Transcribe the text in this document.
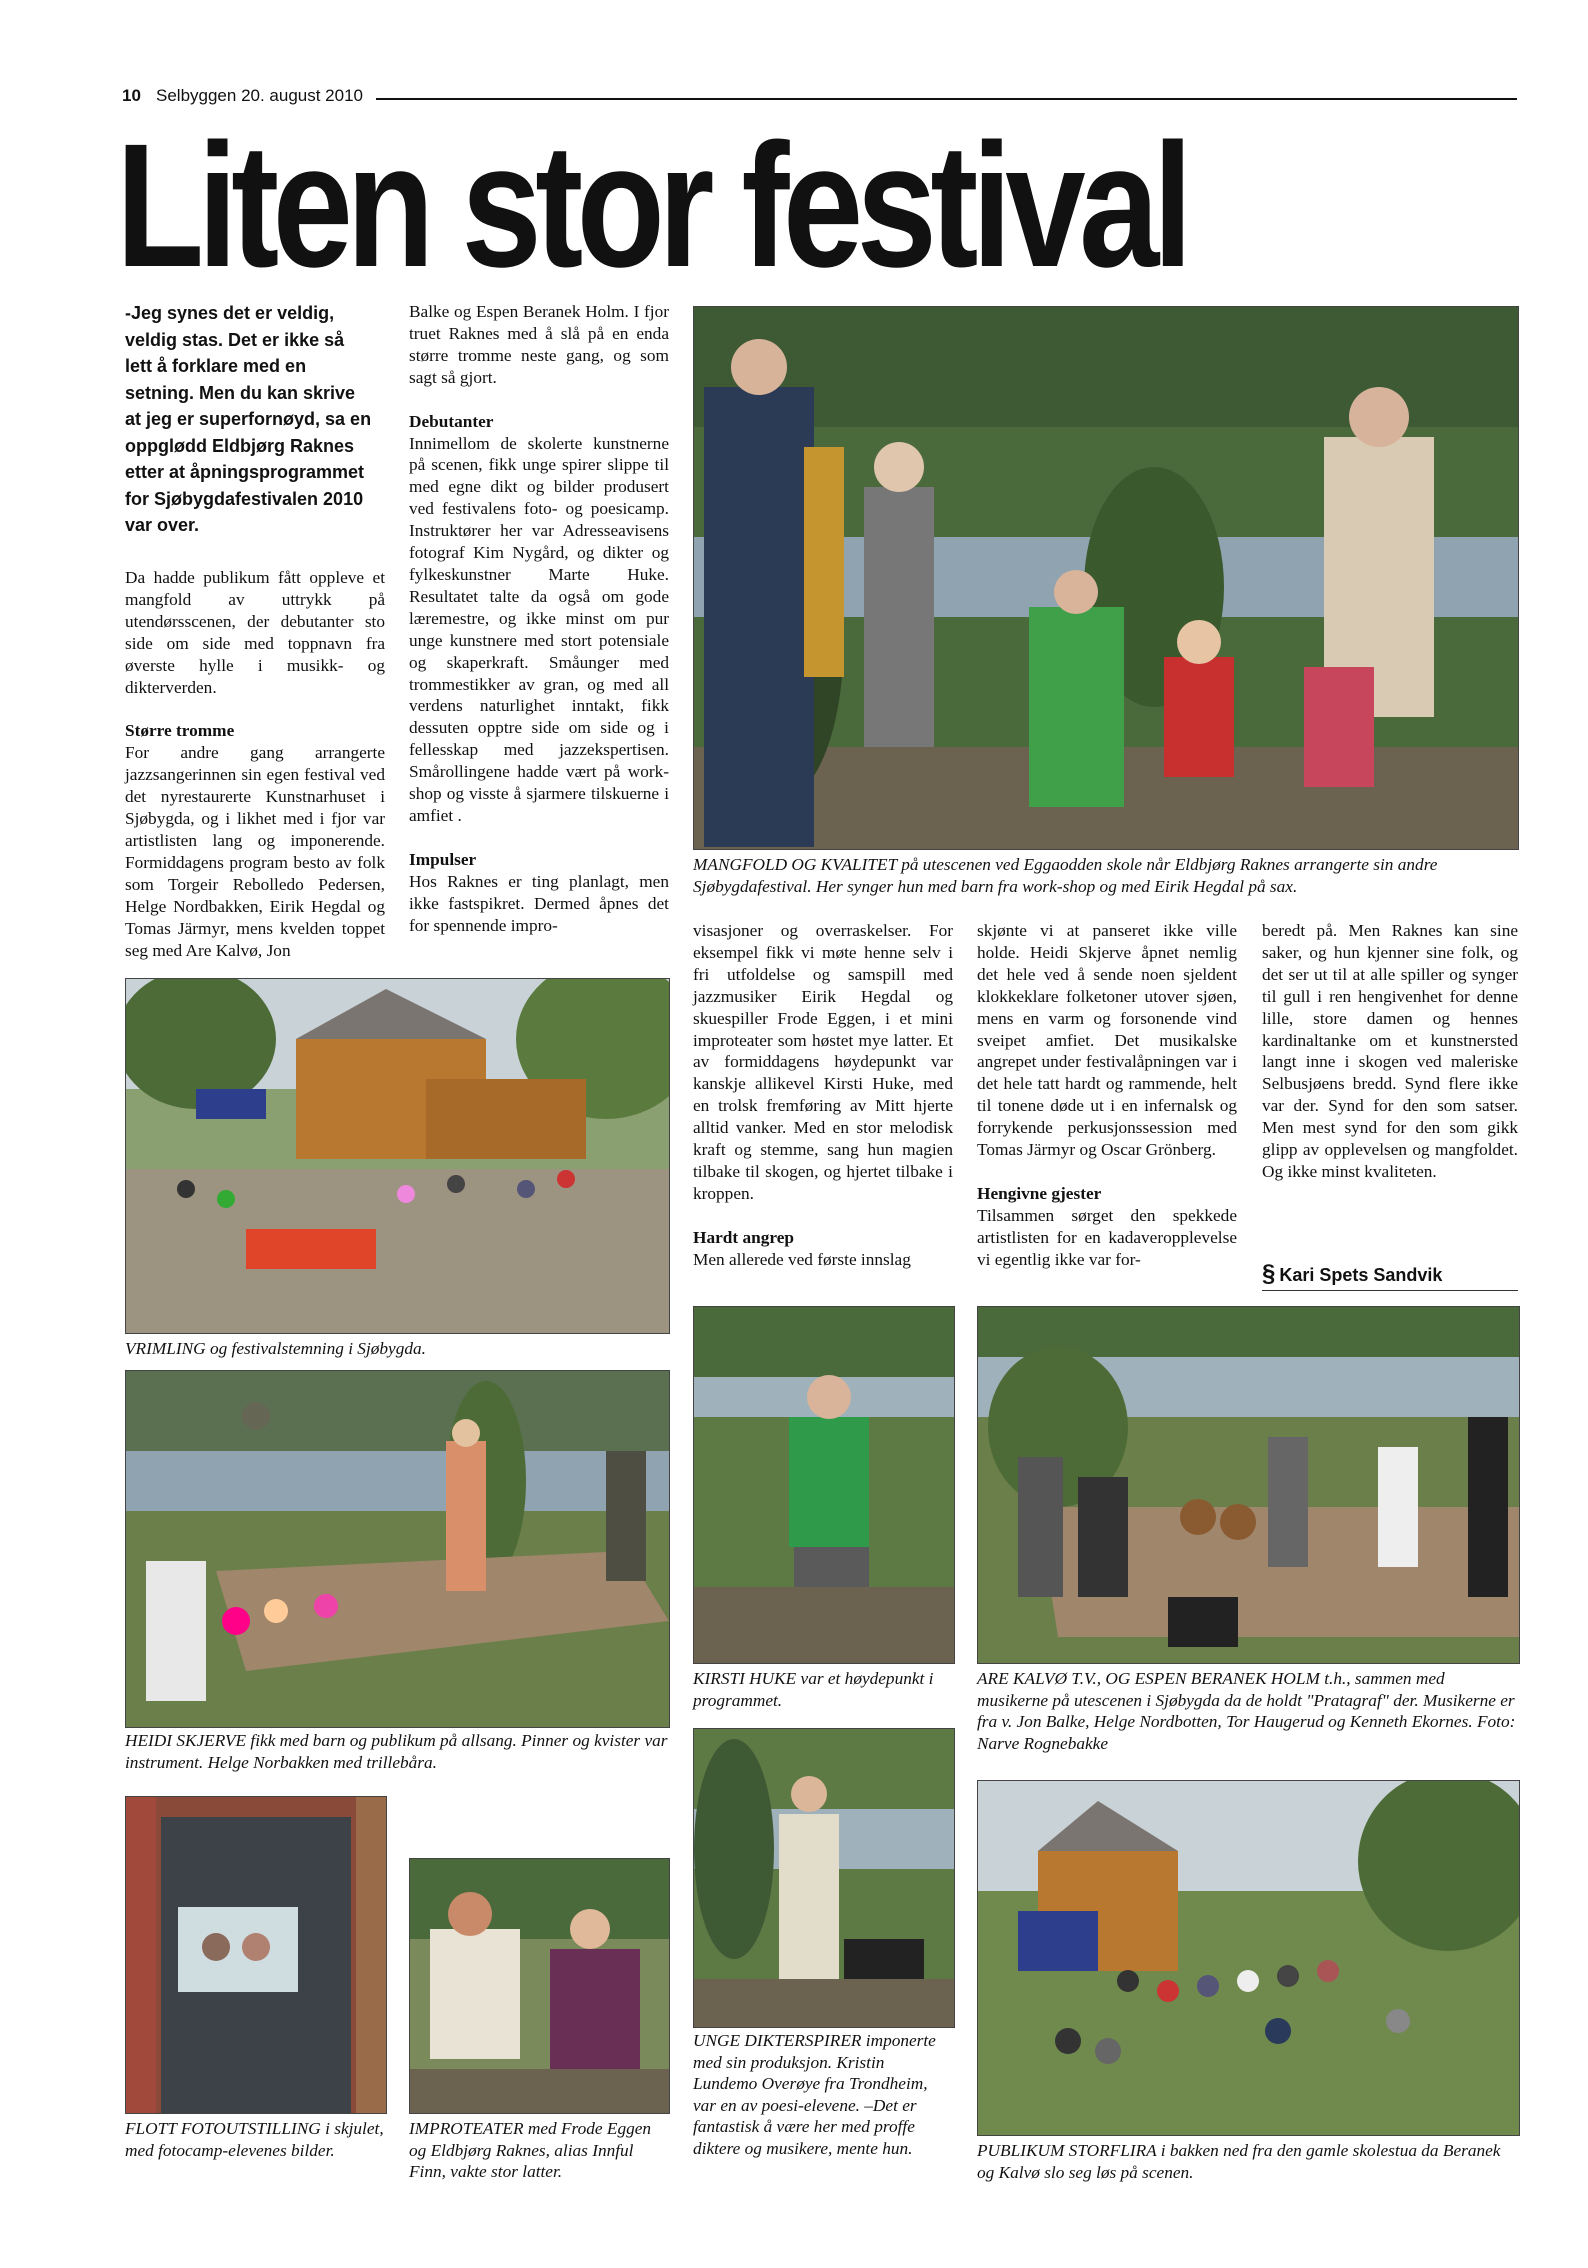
10 Selbyggen 20. august 2010
Liten stor festival
-Jeg synes det er veldig, veldig stas. Det er ikke så lett å forklare med en setning. Men du kan skrive at jeg er superfornøyd, sa en oppglødd Eldbjørg Raknes etter at åpningsprogrammet for Sjøbygdafestivalen 2010 var over.

Da hadde publikum fått oppleve et mangfold av uttrykk på utendørsscenen, der debutanter sto side om side med toppnavn fra øverste hylle i musikk- og dikterverden.

Større tromme

For andre gang arrangerte jazzsangerinnen sin egen festival ved det nyrestaurerte Kunstnarhuset i Sjøbygda, og i likhet med i fjor var artistlisten lang og imponerende. Formiddagens program besto av folk som Torgeir Rebolledo Pedersen, Helge Nordbakken, Eirik Hegdal og Tomas Järmyr, mens kvelden toppet seg med Are Kalvø, Jon

Balke og Espen Beranek Holm. I fjor truet Raknes med å slå på en enda større tromme neste gang, og som sagt så gjort.

Debutanter

Innimellom de skolerte kunstnerne på scenen, fikk unge spirer slippe til med egne dikt og bilder produsert ved festivalens foto- og poesicamp. Instruktører her var Adresseavisens fotograf Kim Nygård, og dikter og fylkeskunstner Marte Huke. Resultatet talte da også om gode læremestre, og ikke minst om pur unge kunstnere med stort potensiale og skaperkraft. Småunger med trommestikker av gran, og med all verdens naturlighet inntakt, fikk dessuten opptre side om side og i fellesskap med jazzekspertisen. Smårollingene hadde vært på work-shop og visste å sjarmere tilskuerne i amfiet .

Impulser

Hos Raknes er ting planlagt, men ikke fastspikret. Dermed åpnes det for spennende impro-

MANGFOLD OG KVALITET på utescenen ved Eggaodden skole når Eldbjørg Raknes arrangerte sin andre Sjøbygdafestival. Her synger hun med barn fra work-shop og med Eirik Hegdal på sax.

visasjoner og overraskelser. For eksempel fikk vi møte henne selv i fri utfoldelse og samspill med jazzmusiker Eirik Hegdal og skuespiller Frode Eggen, i et mini improteater som høstet mye latter. Et av formiddagens høydepunkt var kanskje allikevel Kirsti Huke, med en trolsk fremføring av Mitt hjerte alltid vanker. Med en stor melodisk kraft og stemme, sang hun magien tilbake til skogen, og hjertet tilbake i kroppen.

Hardt angrep

Men allerede ved første innslag

skjønte vi at panseret ikke ville holde. Heidi Skjerve åpnet nemlig det hele ved å sende noen sjeldent klokkeklare folketoner utover sjøen, mens en varm og forsonende vind sveipet amfiet. Det musikalske angrepet under festivalåpningen var i det hele tatt hardt og rammende, helt til tonene døde ut i en infernalsk og forrykende perkusjonssession med Tomas Järmyr og Oscar Grönberg.

Hengivne gjester

Tilsammen sørget den spekkede artistlisten for en kadaveropplevelse vi egentlig ikke var for-

beredt på. Men Raknes kan sine saker, og hun kjenner sine folk, og det ser ut til at alle spiller og synger til gull i ren hengivenhet for denne lille, store damen og hennes kardinaltanke om et kunstnersted langt inne i skogen ved maleriske Selbusjøens bredd. Synd flere ikke var der. Synd for den som satser. Men mest synd for den som gikk glipp av opplevelsen og mangfoldet. Og ikke minst kvaliteten.

§ Kari Spets Sandvik
VRIMLING og festivalstemning i Sjøbygda.
HEIDI SKJERVE fikk med barn og publikum på allsang. Pinner og kvister var instrument. Helge Norbakken med trillebåra.
KIRSTI HUKE var et høydepunkt i programmet.
ARE KALVØ T.V., OG ESPEN BERANEK HOLM t.h., sammen med musikerne på utescenen i Sjøbygda da de holdt "Pratagraf" der. Musikerne er fra v. Jon Balke, Helge Nordbotten, Tor Haugerud og Kenneth Ekornes. Foto: Narve Rognebakke
FLOTT FOTOUTSTILLING i skjulet, med fotocamp-elevenes bilder.
IMPROTEATER med Frode Eggen og Eldbjørg Raknes, alias Innful Finn, vakte stor latter.
UNGE DIKTERSPIRER imponerte med sin produksjon. Kristin Lundemo Overøye fra Trondheim, var en av poesi-elevene. –Det er fantastisk å være her med proffe diktere og musikere, mente hun.	PUBLIKUM STORFLIRA i bakken ned fra den gamle skolestua da Beranek og Kalvø slo seg løs på scenen.
